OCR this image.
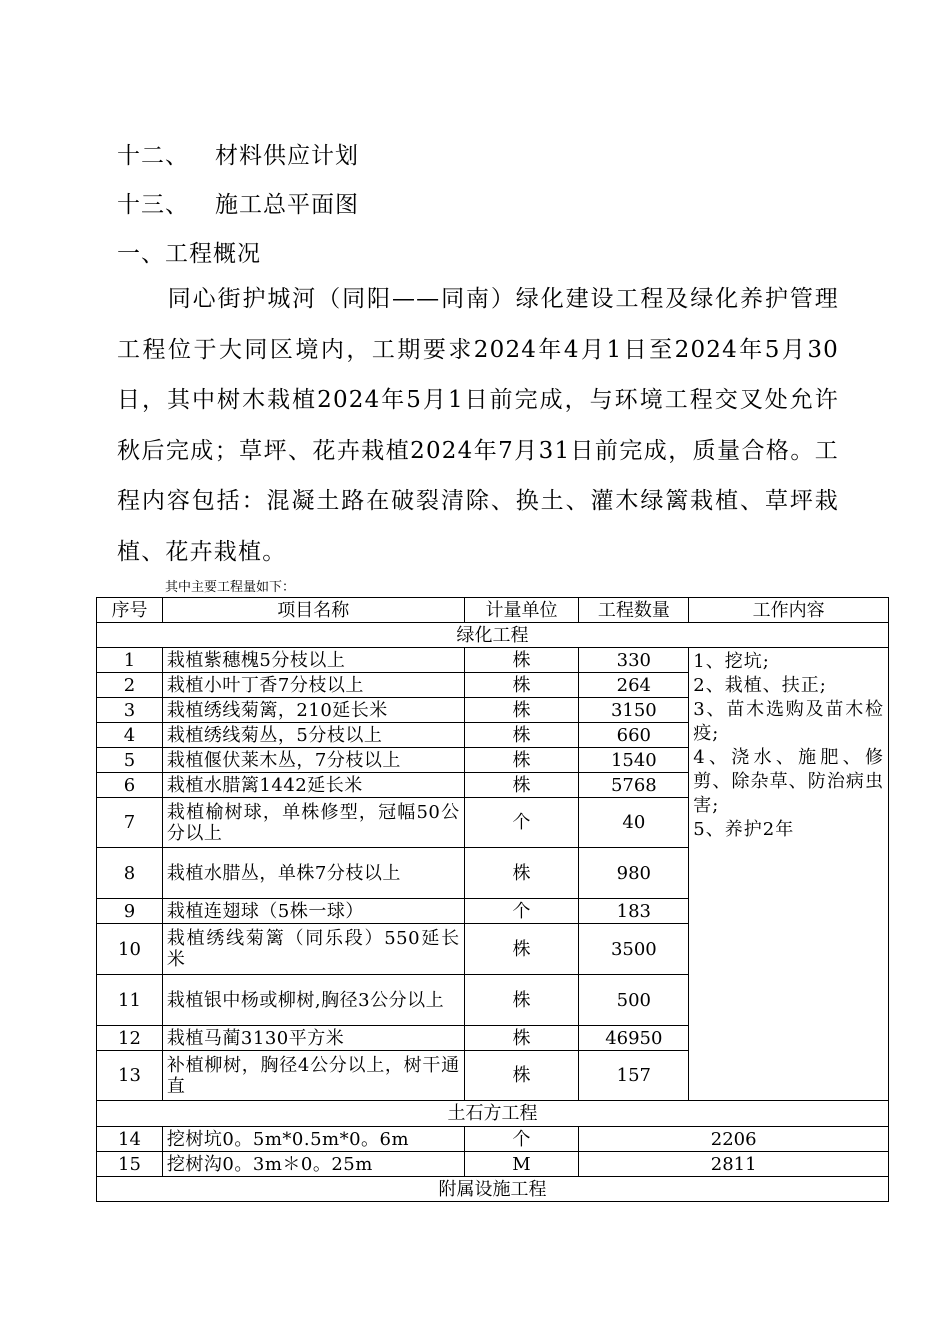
十二、 材料供应计划
十三、 施工总平面图
一、工程概况
同心街护城河（同阳——同南）绿化建设工程及绿化养护管理工程位于大同区境内，工期要求2024年4月1日至2024年5月30日，其中树木栽植2024年5月1日前完成，与环境工程交叉处允许秋后完成；草坪、花卉栽植2024年7月31日前完成，质量合格。工程内容包括：混凝土路在破裂清除、换土、灌木绿篱栽植、草坪栽植、花卉栽植。
其中主要工程量如下：
序号	项目名称	计量单位	工程数量	工作内容
绿化工程				
1	栽植紫穗槐5分枝以上	株	330	1、挖坑;
2、栽植、扶正;
3、苗木选购及苗木检疫;
4、浇水、施肥、修剪、除杂草、防治病虫害;
5、养护2年

2	栽植小叶丁香7分枝以上	株	264	
3	栽植绣线菊篱，210延长米	株	3150	
4	栽植绣线菊丛，5分枝以上	株	660	
5	栽植偃伏莱木丛，7分枝以上	株	1540	
6	栽植水腊篱1442延长米	株	5768	
7	栽植榆树球，单株修型，冠幅50公分以上	个	40	
8	栽植水腊丛，单株7分枝以上	株	980	
9	栽植连翅球（5株一球）	个	183	
10	栽植绣线菊篱（同乐段）550延长米	株	3500	
11	栽植银中杨或柳树,胸径3公分以上	株	500	
12	栽植马蔺3130平方米	株	46950	
13	补植柳树，胸径4公分以上，树干通直	株	157	
土石方工程				
14	挖树坑0。5m*0.5m*0。6m	个	2206	
15	挖树沟0。3m＊0。25m	M	2811	
附属设施工程				
